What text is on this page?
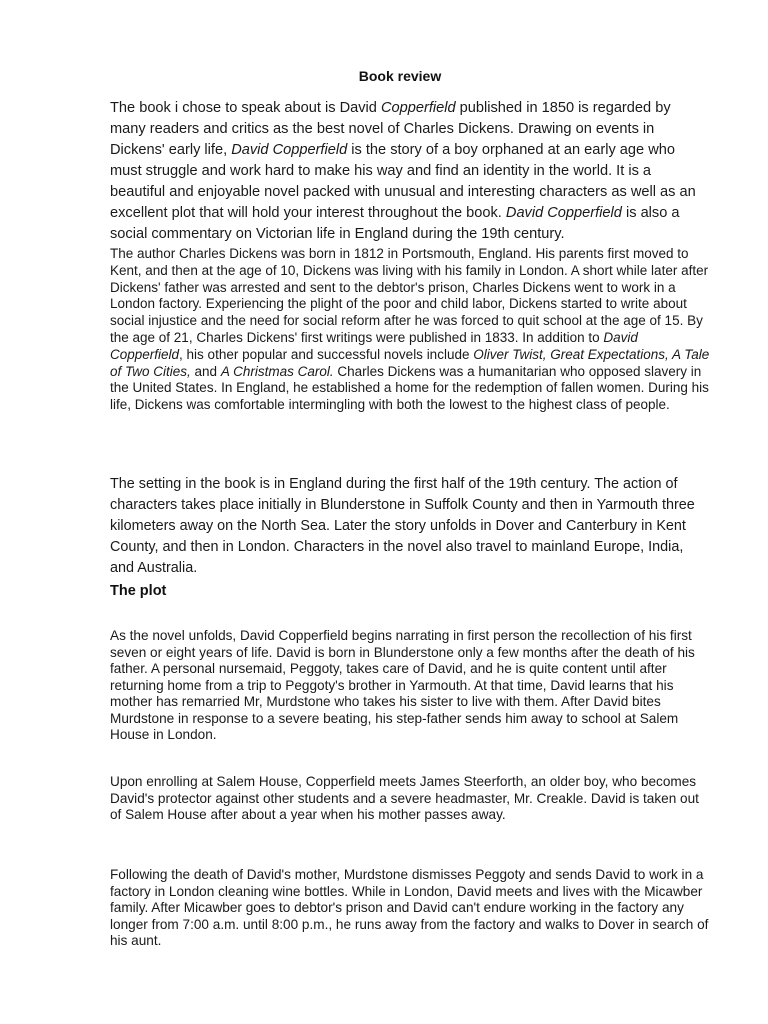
Book review

The book i chose to speak about is David Copperfield published in 1850 is regarded by many readers and critics as the best novel of Charles Dickens. Drawing on events in Dickens' early life, David Copperfield is the story of a boy orphaned at an early age who must struggle and work hard to make his way and find an identity in the world. It is a beautiful and enjoyable novel packed with unusual and interesting characters as well as an excellent plot that will hold your interest throughout the book. David Copperfield is also a social commentary on Victorian life in England during the 19th century.

The author Charles Dickens was born in 1812 in Portsmouth, England. His parents first moved to Kent, and then at the age of 10, Dickens was living with his family in London. A short while later after Dickens' father was arrested and sent to the debtor's prison, Charles Dickens went to work in a London factory. Experiencing the plight of the poor and child labor, Dickens started to write about social injustice and the need for social reform after he was forced to quit school at the age of 15. By the age of 21, Charles Dickens' first writings were published in 1833. In addition to David Copperfield, his other popular and successful novels include Oliver Twist, Great Expectations, A Tale of Two Cities, and A Christmas Carol. Charles Dickens was a humanitarian who opposed slavery in the United States. In England, he established a home for the redemption of fallen women. During his life, Dickens was comfortable intermingling with both the lowest to the highest class of people.

The setting in the book is in England during the first half of the 19th century. The action of characters takes place initially in Blunderstone in Suffolk County and then in Yarmouth three kilometers away on the North Sea. Later the story unfolds in Dover and Canterbury in Kent County, and then in London. Characters in the novel also travel to mainland Europe, India, and Australia.

The plot

As the novel unfolds, David Copperfield begins narrating in first person the recollection of his first seven or eight years of life. David is born in Blunderstone only a few months after the death of his father. A personal nursemaid, Peggoty, takes care of David, and he is quite content until after returning home from a trip to Peggoty's brother in Yarmouth. At that time, David learns that his mother has remarried Mr, Murdstone who takes his sister to live with them. After David bites Murdstone in response to a severe beating, his step-father sends him away to school at Salem House in London.

Upon enrolling at Salem House, Copperfield meets James Steerforth, an older boy, who becomes David's protector against other students and a severe headmaster, Mr. Creakle. David is taken out of Salem House after about a year when his mother passes away.

Following the death of David's mother, Murdstone dismisses Peggoty and sends David to work in a factory in London cleaning wine bottles. While in London, David meets and lives with the Micawber family. After Micawber goes to debtor's prison and David can't endure working in the factory any longer from 7:00 a.m. until 8:00 p.m., he runs away from the factory and walks to Dover in search of his aunt.
